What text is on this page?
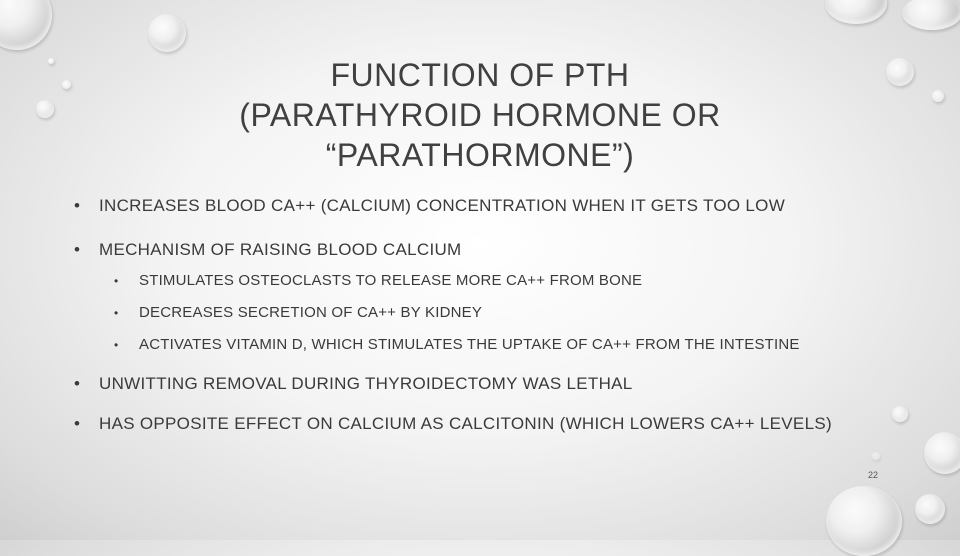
FUNCTION OF PTH
(PARATHYROID HORMONE OR
“PARATHORMONE”)
• INCREASES BLOOD CA++ (CALCIUM) CONCENTRATION WHEN IT GETS TOO LOW
• MECHANISM OF RAISING BLOOD CALCIUM
• STIMULATES OSTEOCLASTS TO RELEASE MORE CA++ FROM BONE
• DECREASES SECRETION OF CA++ BY KIDNEY
• ACTIVATES VITAMIN D, WHICH STIMULATES THE UPTAKE OF CA++ FROM THE INTESTINE
• UNWITTING REMOVAL DURING THYROIDECTOMY WAS LETHAL
• HAS OPPOSITE EFFECT ON CALCIUM AS CALCITONIN (WHICH LOWERS CA++ LEVELS)
22
